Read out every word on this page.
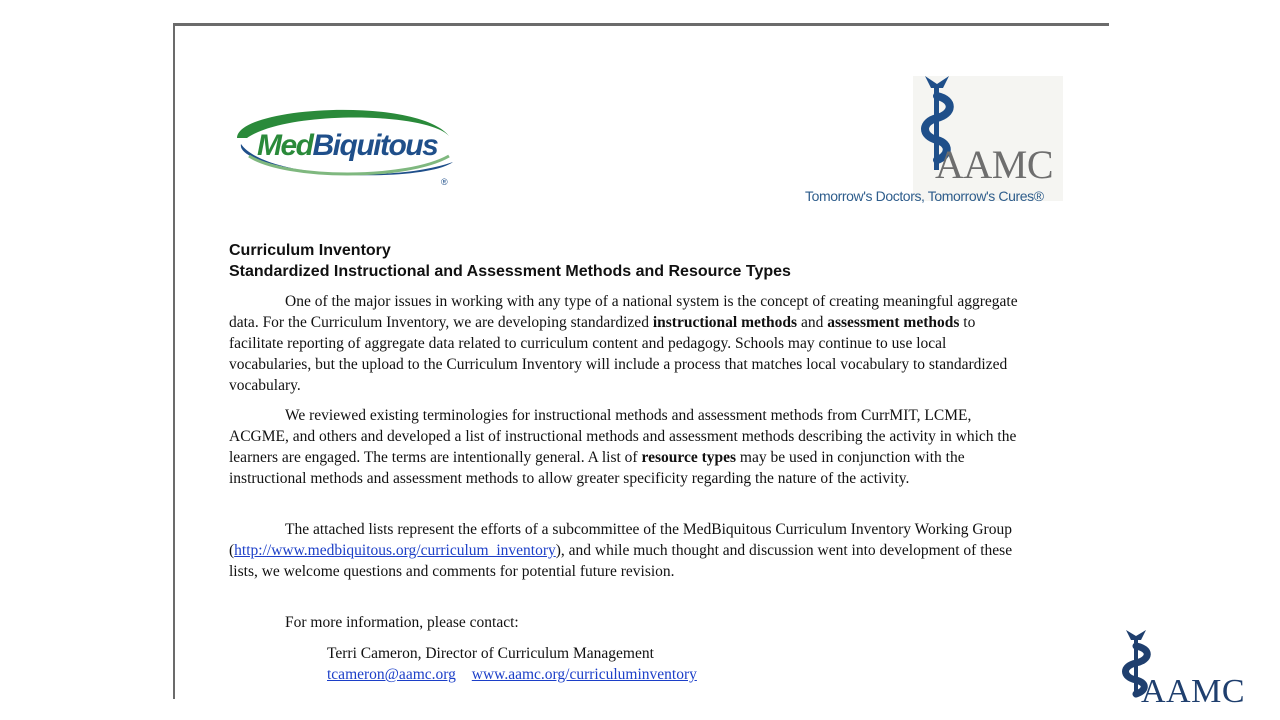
MedBiquitous
®	AAMC
Tomorrow's Doctors, Tomorrow's Cures®
Curriculum Inventory
Standardized Instructional and Assessment Methods and Resource Types

One of the major issues in working with any type of a national system is the concept of creating meaningful aggregate data. For the Curriculum Inventory, we are developing standardized instructional methods and assessment methods to facilitate reporting of aggregate data related to curriculum content and pedagogy. Schools may continue to use local vocabularies, but the upload to the Curriculum Inventory will include a process that matches local vocabulary to standardized vocabulary.

We reviewed existing terminologies for instructional methods and assessment methods from CurrMIT, LCME, ACGME, and others and developed a list of instructional methods and assessment methods describing the activity in which the learners are engaged. The terms are intentionally general. A list of resource types may be used in conjunction with the instructional methods and assessment methods to allow greater specificity regarding the nature of the activity.

The attached lists represent the efforts of a subcommittee of the MedBiquitous Curriculum Inventory Working Group (http://www.medbiquitous.org/curriculum_inventory), and while much thought and discussion went into development of these lists, we welcome questions and comments for potential future revision.

For more information, please contact:

Terri Cameron, Director of Curriculum Management
tcameron@aamc.org www.aamc.org/curriculuminventory	AAMC
